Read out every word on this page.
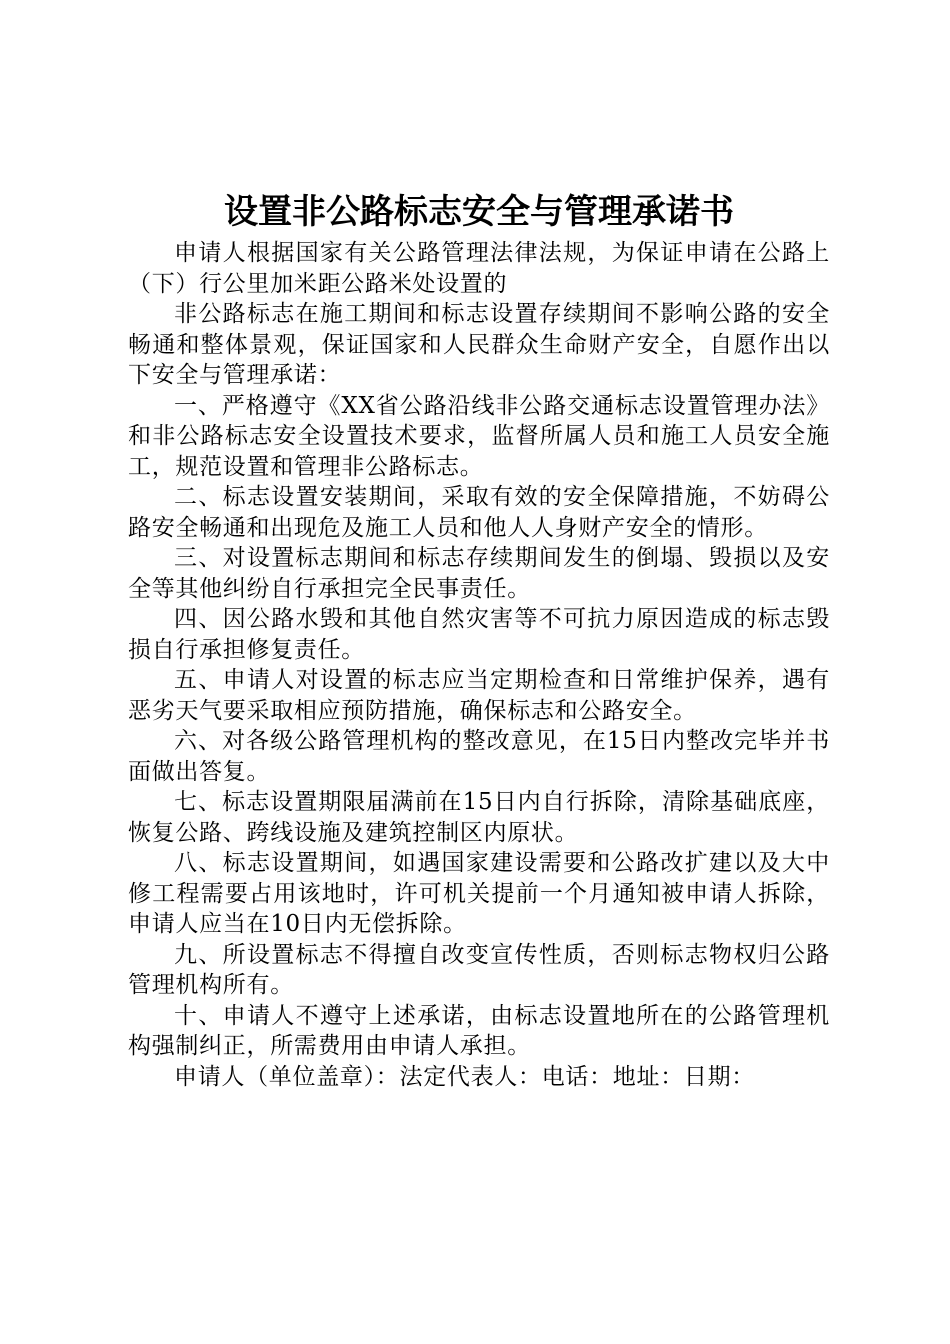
设置非公路标志安全与管理承诺书

申请人根据国家有关公路管理法律法规，为保证申请在公路上（下）行公里加米距公路米处设置的

非公路标志在施工期间和标志设置存续期间不影响公路的安全畅通和整体景观，保证国家和人民群众生命财产安全，自愿作出以下安全与管理承诺：

一、严格遵守《XX省公路沿线非公路交通标志设置管理办法》和非公路标志安全设置技术要求，监督所属人员和施工人员安全施工，规范设置和管理非公路标志。

二、标志设置安装期间，采取有效的安全保障措施，不妨碍公路安全畅通和出现危及施工人员和他人人身财产安全的情形。

三、对设置标志期间和标志存续期间发生的倒塌、毁损以及安全等其他纠纷自行承担完全民事责任。

四、因公路水毁和其他自然灾害等不可抗力原因造成的标志毁损自行承担修复责任。

五、申请人对设置的标志应当定期检查和日常维护保养，遇有恶劣天气要采取相应预防措施，确保标志和公路安全。

六、对各级公路管理机构的整改意见，在15日内整改完毕并书面做出答复。

七、标志设置期限届满前在15日内自行拆除，清除基础底座，恢复公路、跨线设施及建筑控制区内原状。

八、标志设置期间，如遇国家建设需要和公路改扩建以及大中修工程需要占用该地时，许可机关提前一个月通知被申请人拆除，申请人应当在10日内无偿拆除。

九、所设置标志不得擅自改变宣传性质，否则标志物权归公路管理机构所有。

十、申请人不遵守上述承诺，由标志设置地所在的公路管理机构强制纠正，所需费用由申请人承担。

申请人（单位盖章）：法定代表人：电话：地址：日期：
